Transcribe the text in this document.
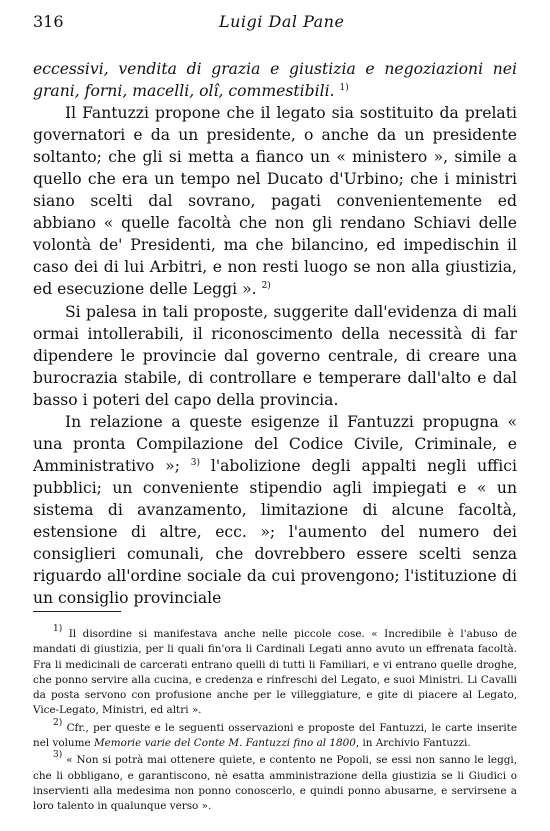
316	Luigi Dal Pane

eccessivi, vendita di grazia e giustizia e negoziazioni nei grani, forni, macelli, olî, commestibili. $^{1)}$

Il Fantuzzi propone che il legato sia sostituito da prelati governatori e da un presidente, o anche da un presidente soltanto; che gli si metta a fianco un « ministero », simile a quello che era un tempo nel Ducato d'Urbino; che i ministri siano scelti dal sovrano, pagati convenientemente ed abbiano « quelle facoltà che non gli rendano Schiavi delle volontà de' Presidenti, ma che bilancino, ed impedischin il caso dei di lui Arbitri, e non resti luogo se non alla giustizia, ed esecuzione delle Leggi ». $^{2)}$

Si palesa in tali proposte, suggerite dall'evidenza di mali ormai intollerabili, il riconoscimento della necessità di far dipendere le provincie dal governo centrale, di creare una burocrazia stabile, di controllare e temperare dall'alto e dal basso i poteri del capo della provincia.

In relazione a queste esigenze il Fantuzzi propugna « una pronta Compilazione del Codice Civile, Criminale, e Amministrativo »; $^{3)}$ l'abolizione degli appalti negli uffici pubblici; un conveniente stipendio agli impiegati e « un sistema di avanzamento, limitazione di alcune facoltà, estensione di altre, ecc. »; l'aumento del numero dei consiglieri comunali, che dovrebbero essere scelti senza riguardo all'ordine sociale da cui provengono; l'istituzione di un consiglio provinciale

$^{1)}$ Il disordine si manifestava anche nelle piccole cose. « Incredibile è l'abuso de mandati di giustizia, per li quali fin'ora li Cardinali Legati anno avuto un effrenata facoltà. Fra li medicinali de carcerati entrano quelli di tutti li Familiari, e vi entrano quelle droghe, che ponno servire alla cucina, e credenza e rinfreschi del Legato, e suoi Ministri. Li Cavalli da posta servono con profusione anche per le villeggiature, e gite di piacere al Legato, Vice-Legato, Ministri, ed altri ».

$^{2)}$ Cfr., per queste e le seguenti osservazioni e proposte del Fantuzzi, le carte inserite nel volume Memorie varie del Conte M. Fantuzzi fino al 1800, in Archivio Fantuzzi.

$^{3)}$ « Non si potrà mai ottenere quiete, e contento ne Popoli, se essi non sanno le leggi, che li obbligano, e garantiscono, nè esatta amministrazione della giustizia se li Giudici o inservienti alla medesima non ponno conoscerlo, e quindi ponno abusarne, e servirsene a loro talento in qualunque verso ».
